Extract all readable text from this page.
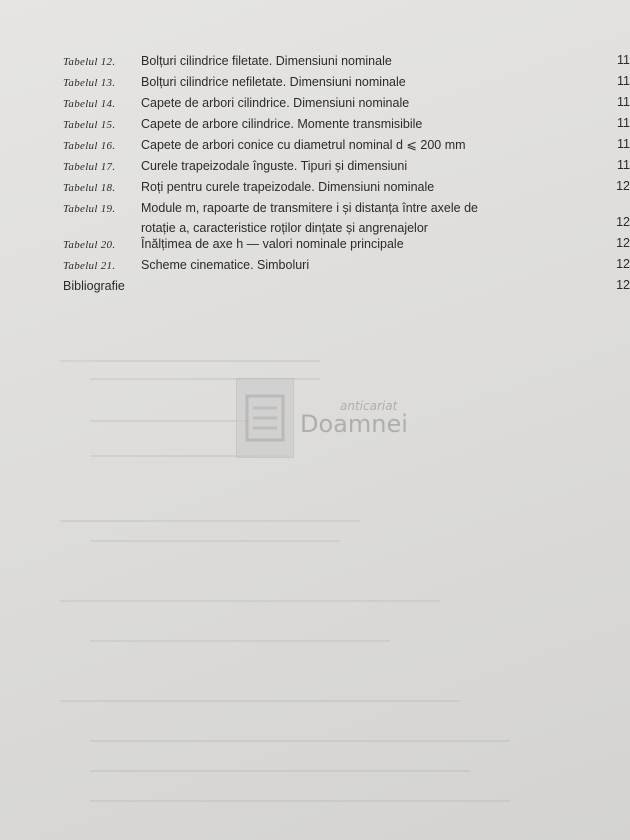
Tabelul 12. Bolțuri cilindrice filetate. Dimensiuni nominale	11
Tabelul 13. Bolțuri cilindrice nefiletate. Dimensiuni nominale	11
Tabelul 14. Capete de arbori cilindrice. Dimensiuni nominale	11
Tabelul 15. Capete de arbore cilindrice. Momente transmisibile	11
Tabelul 16. Capete de arbori conice cu diametrul nominal d ⩽ 200 mm	11
Tabelul 17. Curele trapeizodale înguste. Tipuri și dimensiuni	11
Tabelul 18. Roți pentru curele trapeizodale. Dimensiuni nominale	12
Tabelul 19. Module m, rapoarte de transmitere i și distanța între axele de
rotație a, caracteristice roților dințate și angrenajelor	12
Tabelul 20. Înălțimea de axe h — valori nominale principale	12
Tabelul 21. Scheme cinematice. Simboluri	12
Bibliografie	12
anticariat
Doamnei
